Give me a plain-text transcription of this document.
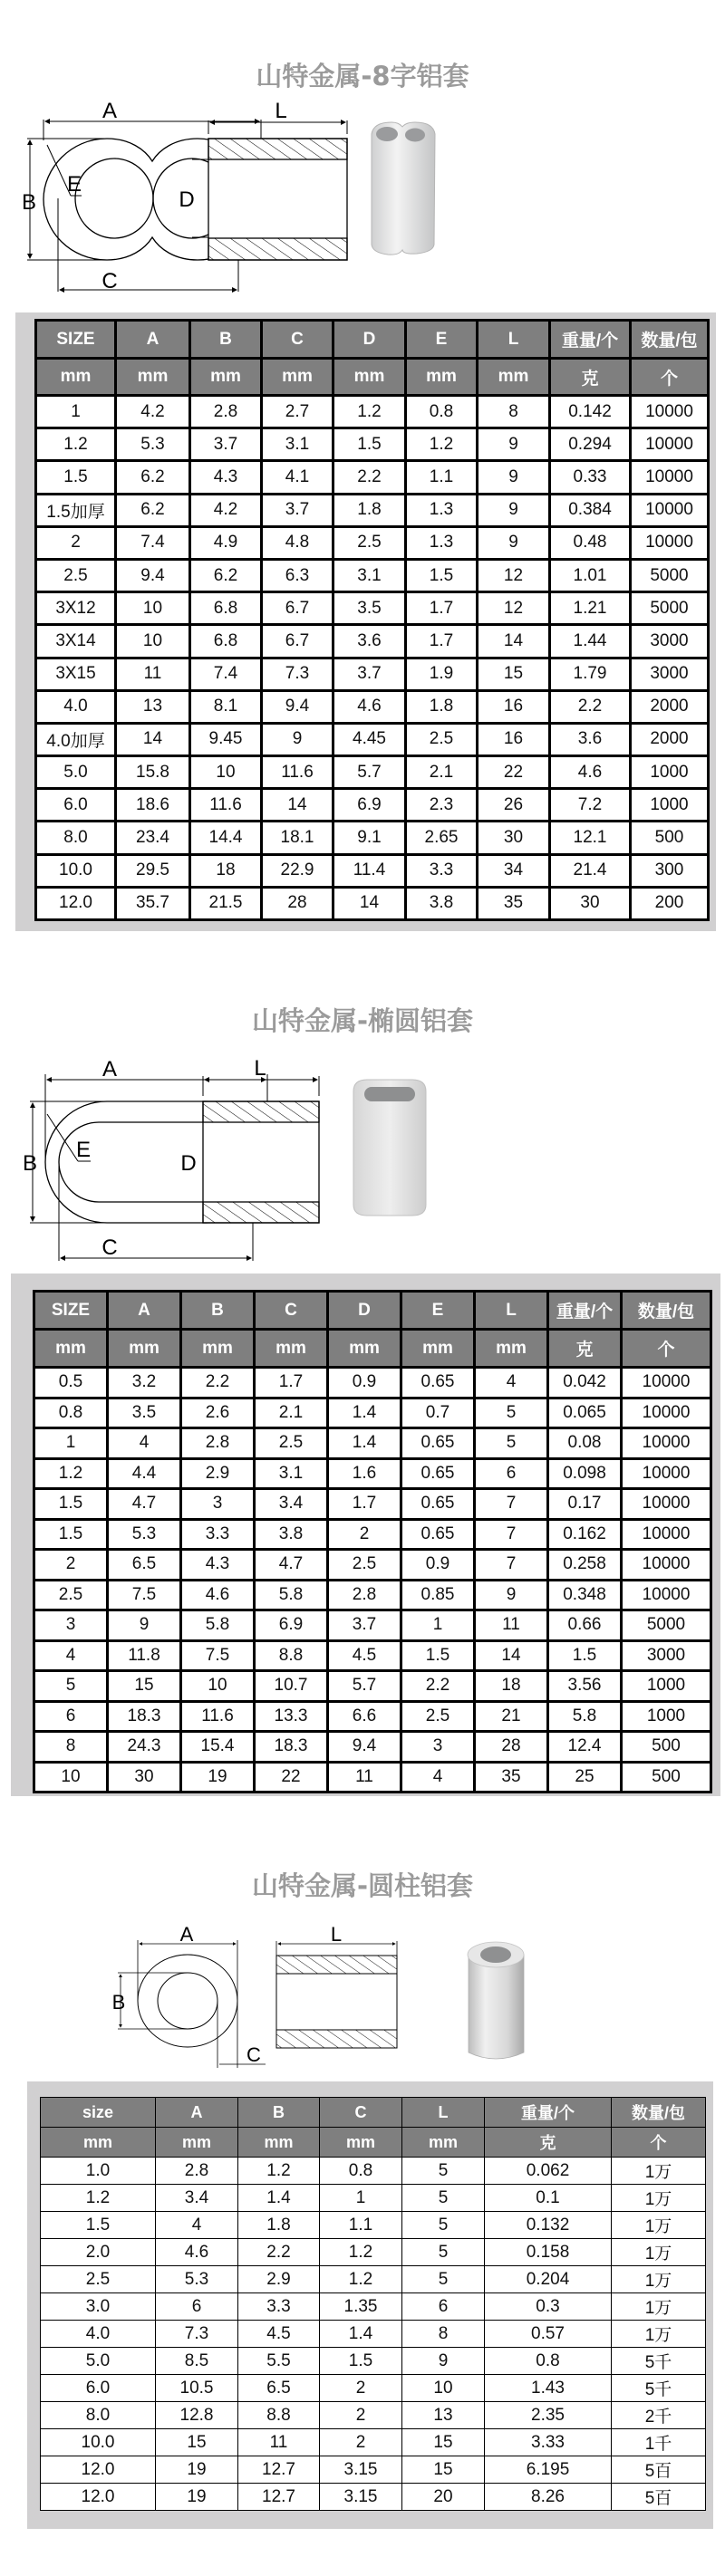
山特金属-8字铝套
A
B
C
D
E
L
SIZE	A	B	C	D	E	L	重量/个	数量/包
mm	mm	mm	mm	mm	mm	mm	克	个
1	4.2	2.8	2.7	1.2	0.8	8	0.142	10000
1.2	5.3	3.7	3.1	1.5	1.2	9	0.294	10000
1.5	6.2	4.3	4.1	2.2	1.1	9	0.33	10000
1.5加厚	6.2	4.2	3.7	1.8	1.3	9	0.384	10000
2	7.4	4.9	4.8	2.5	1.3	9	0.48	10000
2.5	9.4	6.2	6.3	3.1	1.5	12	1.01	5000
3X12	10	6.8	6.7	3.5	1.7	12	1.21	5000
3X14	10	6.8	6.7	3.6	1.7	14	1.44	3000
3X15	11	7.4	7.3	3.7	1.9	15	1.79	3000
4.0	13	8.1	9.4	4.6	1.8	16	2.2	2000
4.0加厚	14	9.45	9	4.45	2.5	16	3.6	2000
5.0	15.8	10	11.6	5.7	2.1	22	4.6	1000
6.0	18.6	11.6	14	6.9	2.3	26	7.2	1000
8.0	23.4	14.4	18.1	9.1	2.65	30	12.1	500
10.0	29.5	18	22.9	11.4	3.3	34	21.4	300
12.0	35.7	21.5	28	14	3.8	35	30	200
山特金属-椭圆铝套
A
B
C
D
E
L
SIZE	A	B	C	D	E	L	重量/个	数量/包
mm	mm	mm	mm	mm	mm	mm	克	个
0.5	3.2	2.2	1.7	0.9	0.65	4	0.042	10000
0.8	3.5	2.6	2.1	1.4	0.7	5	0.065	10000
1	4	2.8	2.5	1.4	0.65	5	0.08	10000
1.2	4.4	2.9	3.1	1.6	0.65	6	0.098	10000
1.5	4.7	3	3.4	1.7	0.65	7	0.17	10000
1.5	5.3	3.3	3.8	2	0.65	7	0.162	10000
2	6.5	4.3	4.7	2.5	0.9	7	0.258	10000
2.5	7.5	4.6	5.8	2.8	0.85	9	0.348	10000
3	9	5.8	6.9	3.7	1	11	0.66	5000
4	11.8	7.5	8.8	4.5	1.5	14	1.5	3000
5	15	10	10.7	5.7	2.2	18	3.56	1000
6	18.3	11.6	13.3	6.6	2.5	21	5.8	1000
8	24.3	15.4	18.3	9.4	3	28	12.4	500
10	30	19	22	11	4	35	25	500
山特金属-圆柱铝套
A
B
C
L
size	A	B	C	L	重量/个	数量/包
mm	mm	mm	mm	mm	克	个
1.0	2.8	1.2	0.8	5	0.062	1万
1.2	3.4	1.4	1	5	0.1	1万
1.5	4	1.8	1.1	5	0.132	1万
2.0	4.6	2.2	1.2	5	0.158	1万
2.5	5.3	2.9	1.2	5	0.204	1万
3.0	6	3.3	1.35	6	0.3	1万
4.0	7.3	4.5	1.4	8	0.57	1万
5.0	8.5	5.5	1.5	9	0.8	5千
6.0	10.5	6.5	2	10	1.43	5千
8.0	12.8	8.8	2	13	2.35	2千
10.0	15	11	2	15	3.33	1千
12.0	19	12.7	3.15	15	6.195	5百
12.0	19	12.7	3.15	20	8.26	5百
